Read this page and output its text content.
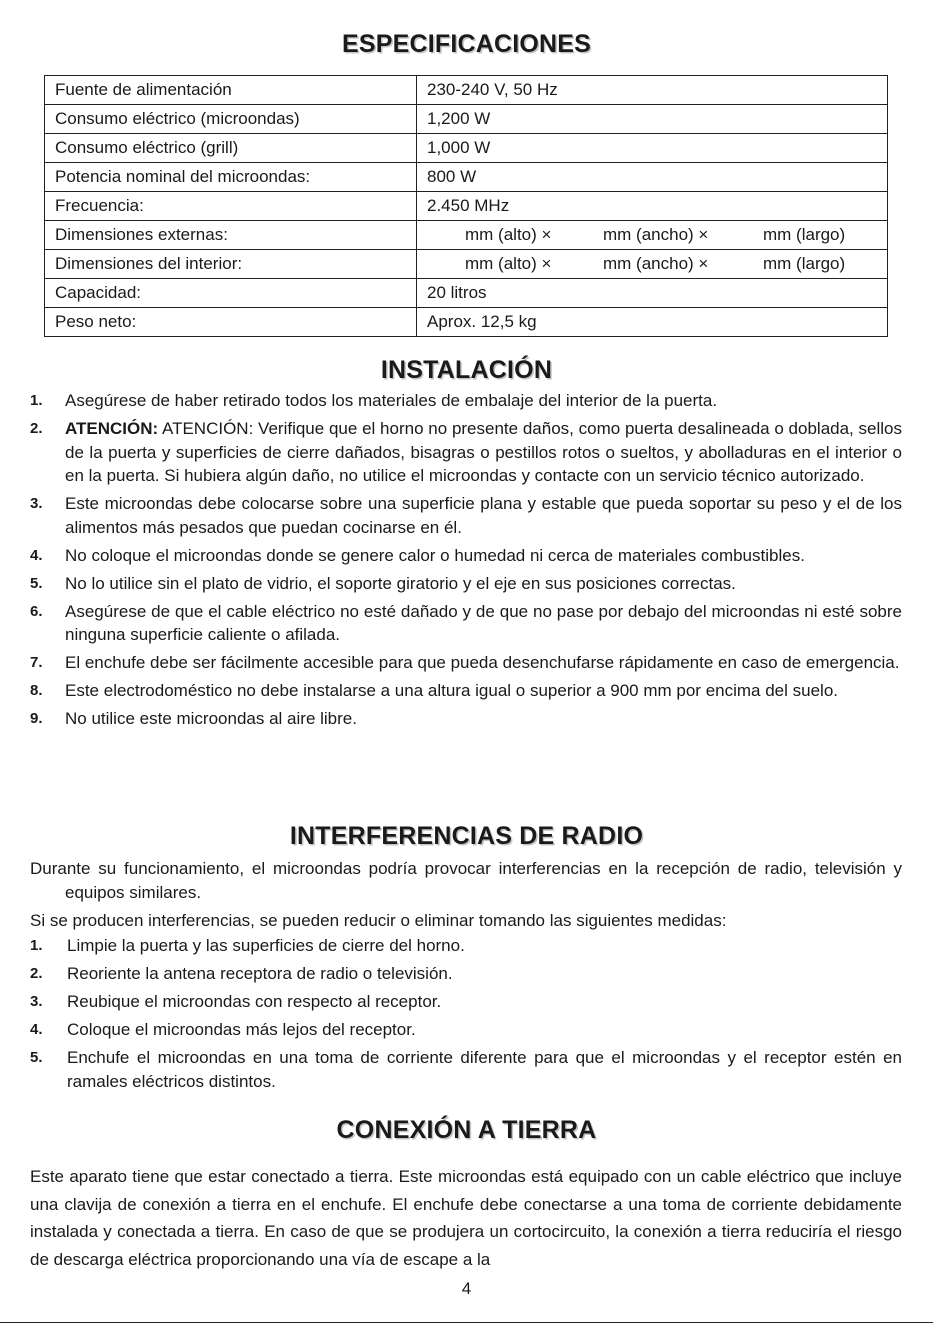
ESPECIFICACIONES
Fuente de alimentación	230-240 V, 50 Hz
Consumo eléctrico (microondas)	1,200 W
Consumo eléctrico (grill)	1,000 W
Potencia nominal del microondas:	800 W
Frecuencia:	2.450 MHz
Dimensiones externas:	mm (alto) × mm (ancho) × mm (largo)

Dimensiones del interior:	mm (alto) × mm (ancho) × mm (largo)

Capacidad:	20 litros
Peso neto:	Aprox. 12,5 kg
INSTALACIÓN
1. Asegúrese de haber retirado todos los materiales de embalaje del interior de la puerta.
2. ATENCIÓN: ATENCIÓN: Verifique que el horno no presente daños, como puerta desalineada o doblada, sellos de la puerta y superficies de cierre dañados, bisagras o pestillos rotos o sueltos, y abolladuras en el interior o en la puerta. Si hubiera algún daño, no utilice el microondas y contacte con un servicio técnico autorizado.
3. Este microondas debe colocarse sobre una superficie plana y estable que pueda soportar su peso y el de los alimentos más pesados que puedan cocinarse en él.
4. No coloque el microondas donde se genere calor o humedad ni cerca de materiales combustibles.
5. No lo utilice sin el plato de vidrio, el soporte giratorio y el eje en sus posiciones correctas.
6. Asegúrese de que el cable eléctrico no esté dañado y de que no pase por debajo del microondas ni esté sobre ninguna superficie caliente o afilada.
7. El enchufe debe ser fácilmente accesible para que pueda desenchufarse rápidamente en caso de emergencia.
8. Este electrodoméstico no debe instalarse a una altura igual o superior a 900 mm por encima del suelo.
9. No utilice este microondas al aire libre.
INTERFERENCIAS DE RADIO
Durante su funcionamiento, el microondas podría provocar interferencias en la recepción de radio, televisión y equipos similares.
Si se producen interferencias, se pueden reducir o eliminar tomando las siguientes medidas:
1. Limpie la puerta y las superficies de cierre del horno.
2. Reoriente la antena receptora de radio o televisión.
3. Reubique el microondas con respecto al receptor.
4. Coloque el microondas más lejos del receptor.
5. Enchufe el microondas en una toma de corriente diferente para que el microondas y el receptor estén en ramales eléctricos distintos.
CONEXIÓN A TIERRA
Este aparato tiene que estar conectado a tierra. Este microondas está equipado con un cable eléctrico que incluye una clavija de conexión a tierra en el enchufe. El enchufe debe conectarse a una toma de corriente debidamente instalada y conectada a tierra. En caso de que se produjera un cortocircuito, la conexión a tierra reduciría el riesgo de descarga eléctrica proporcionando una vía de escape a la
4
